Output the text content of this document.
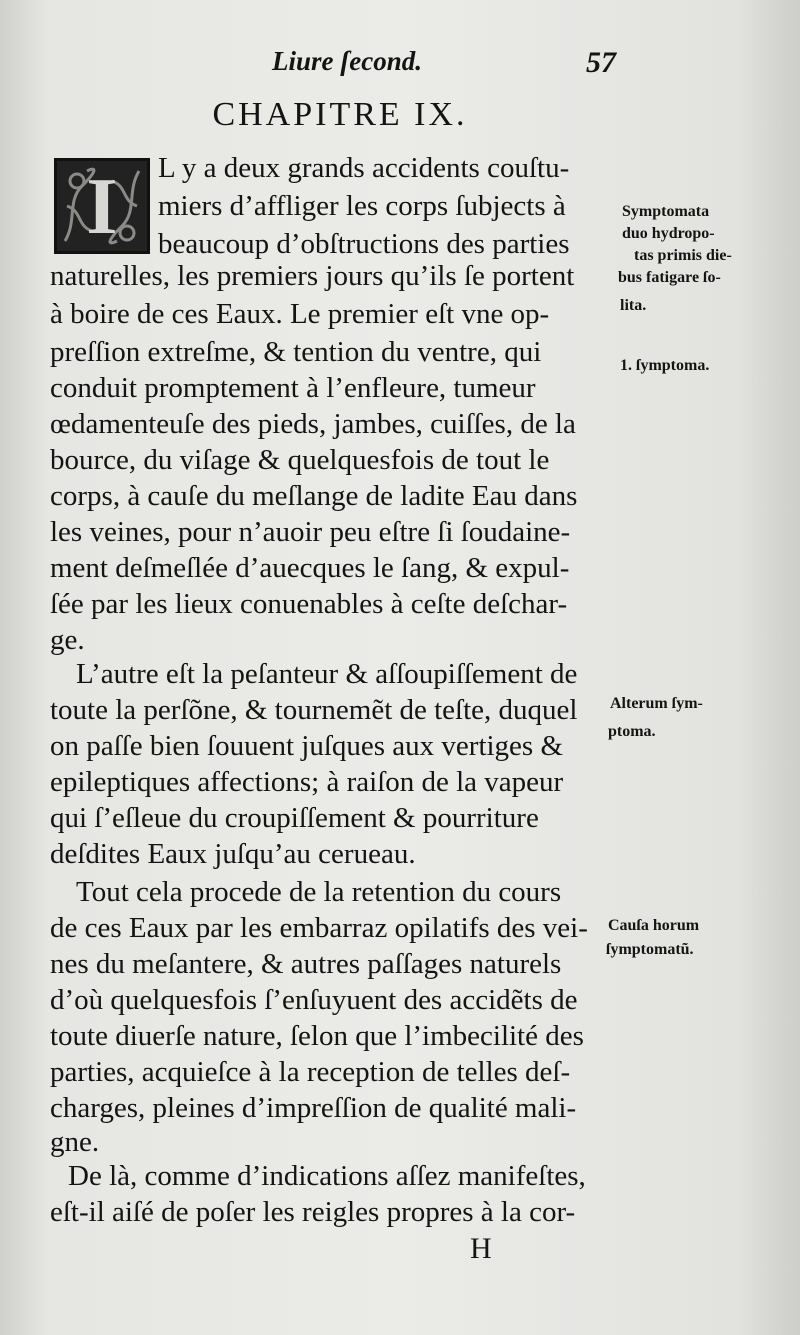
Liure ſecond.	57
CHAPITRE IX.
I	L y a deux grands accidents couſtu-
miers d’affliger les corps ſubjects à
beaucoup d’obſtructions des parties
naturelles, les premiers jours qu’ils ſe portent
à boire de ces Eaux. Le premier eſt vne op-
preſſion extreſme, & tention du ventre, qui
conduit promptement à l’enfleure, tumeur
œdamenteuſe des pieds, jambes, cuiſſes, de la
bource, du viſage & quelquesfois de tout le
corps, à cauſe du meſlange de ladite Eau dans
les veines, pour n’auoir peu eſtre ſi ſoudaine-
ment deſmeſlée d’auecques le ſang, & expul-
ſée par les lieux conuenables à ceſte deſchar-
ge.
L’autre eſt la peſanteur & aſſoupiſſement de
toute la perſõne, & tournemẽt de teſte, duquel
on paſſe bien ſouuent juſques aux vertiges &
epileptiques affections; à raiſon de la vapeur
qui ſ’eſleue du croupiſſement & pourriture
deſdites Eaux juſqu’au cerueau.
Tout cela procede de la retention du cours
de ces Eaux par les embarraz opilatifs des vei-
nes du meſantere, & autres paſſages naturels
d’où quelquesfois ſ’enſuyuent des accidẽts de
toute diuerſe nature, ſelon que l’imbecilité des
parties, acquieſce à la reception de telles deſ-
charges, pleines d’impreſſion de qualité mali-
gne.
De là, comme d’indications aſſez manifeſtes,
eſt-il aiſé de poſer les reigles propres à la cor-
Symptomata
duo hydropo-
tas primis die-
bus fatigare ſo-
lita.
1. ſymptoma.
Alterum ſym-
ptoma.
Cauſa horum
ſymptomatũ.
H
